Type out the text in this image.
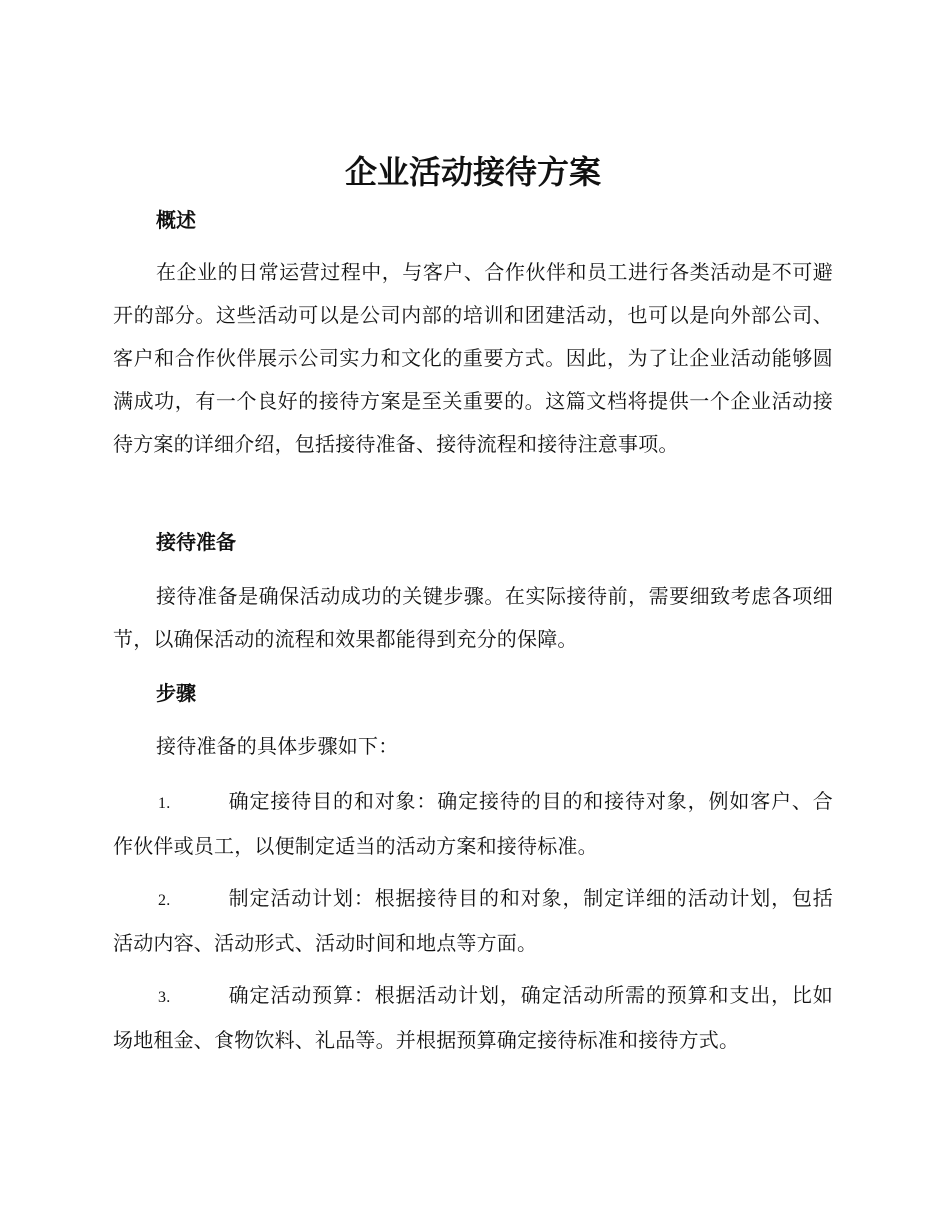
企业活动接待方案
概述

在企业的日常运营过程中，与客户、合作伙伴和员工进行各类活动是不可避开的部分。这些活动可以是公司内部的培训和团建活动，也可以是向外部公司、客户和合作伙伴展示公司实力和文化的重要方式。因此，为了让企业活动能够圆满成功，有一个良好的接待方案是至关重要的。这篇文档将提供一个企业活动接待方案的详细介绍，包括接待准备、接待流程和接待注意事项。

接待准备

接待准备是确保活动成功的关键步骤。在实际接待前，需要细致考虑各项细节，以确保活动的流程和效果都能得到充分的保障。

步骤

接待准备的具体步骤如下：

1.	确定接待目的和对象：确定接待的目的和接待对象，例如客户、合作伙伴或员工，以便制定适当的活动方案和接待标准。

2.	制定活动计划：根据接待目的和对象，制定详细的活动计划，包括活动内容、活动形式、活动时间和地点等方面。

3.	确定活动预算：根据活动计划，确定活动所需的预算和支出，比如场地租金、食物饮料、礼品等。并根据预算确定接待标准和接待方式。
